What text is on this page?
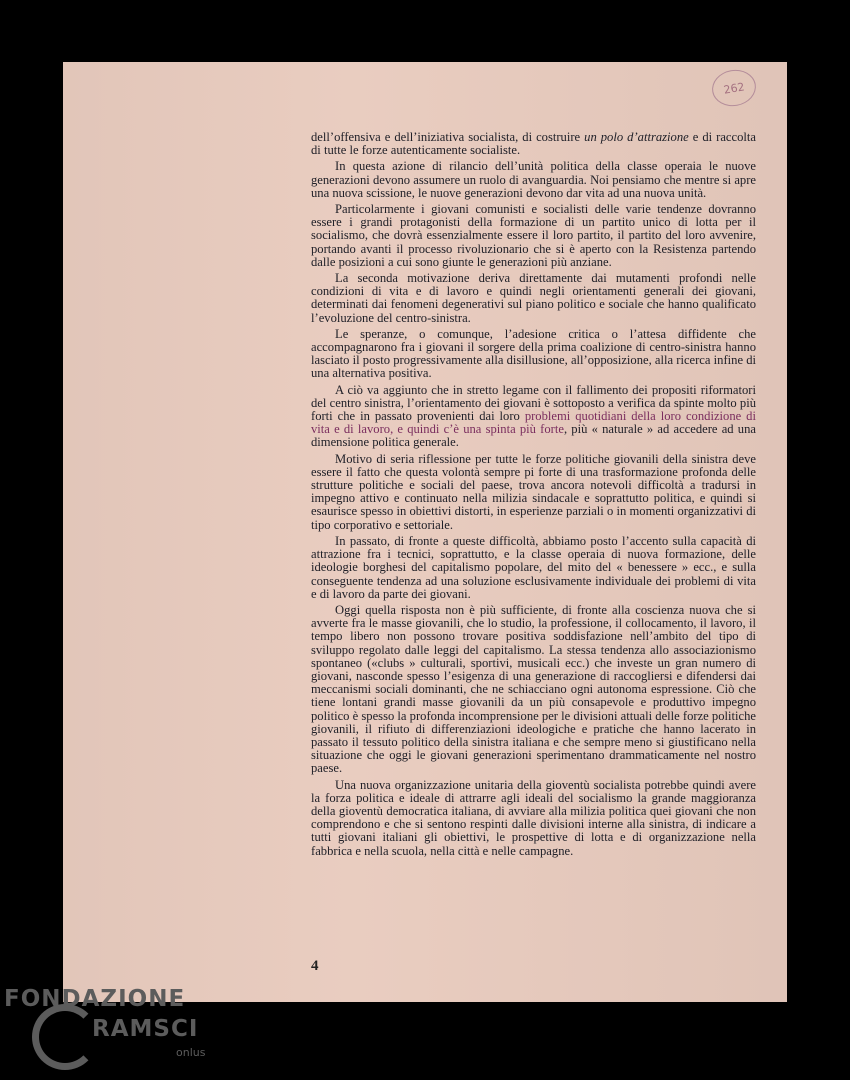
262

dell’offensiva e dell’iniziativa socialista, di costruire un polo d’attrazione e di raccolta di tutte le forze autenticamente socialiste.

In questa azione di rilancio dell’unità politica della classe operaia le nuove generazioni devono assumere un ruolo di avanguardia. Noi pensiamo che mentre si apre una nuova scissione, le nuove generazioni devono dar vita ad una nuova unità.

Particolarmente i giovani comunisti e socialisti delle varie tendenze dovranno essere i grandi protagonisti della formazione di un partito unico di lotta per il socialismo, che dovrà essenzialmente essere il loro partito, il partito del loro avvenire, portando avanti il processo rivoluzionario che si è aperto con la Resistenza partendo dalle posizioni a cui sono giunte le generazioni più anziane.

La seconda motivazione deriva direttamente dai mutamenti profondi nelle condizioni di vita e di lavoro e quindi negli orientamenti generali dei giovani, determinati dai fenomeni degenerativi sul piano politico e sociale che hanno qualificato l’evoluzione del centro-sinistra.

Le speranze, o comunque, l’adesione critica o l’attesa diffidente che accompagnarono fra i giovani il sorgere della prima coalizione di centro-sinistra hanno lasciato il posto progressivamente alla disillusione, all’opposizione, alla ricerca infine di una alternativa positiva.

A ciò va aggiunto che in stretto legame con il fallimento dei propositi riformatori del centro sinistra, l’orientamento dei giovani è sottoposto a verifica da spinte molto più forti che in passato provenienti dai loro problemi quotidiani della loro condizione di vita e di lavoro, e quindi c’è una spinta più forte, più « naturale » ad accedere ad una dimensione politica generale.

Motivo di seria riflessione per tutte le forze politiche giovanili della sinistra deve essere il fatto che questa volontà sempre pi forte di una trasformazione profonda delle strutture politiche e sociali del paese, trova ancora notevoli difficoltà a tradursi in impegno attivo e continuato nella milizia sindacale e soprattutto politica, e quindi si esaurisce spesso in obiettivi distorti, in esperienze parziali o in momenti organizzativi di tipo corporativo e settoriale.

In passato, di fronte a queste difficoltà, abbiamo posto l’accento sulla capacità di attrazione fra i tecnici, soprattutto, e la classe operaia di nuova formazione, delle ideologie borghesi del capitalismo popolare, del mito del « benessere » ecc., e sulla conseguente tendenza ad una soluzione esclusivamente individuale dei problemi di vita e di lavoro da parte dei giovani.

Oggi quella risposta non è più sufficiente, di fronte alla coscienza nuova che si avverte fra le masse giovanili, che lo studio, la professione, il collocamento, il lavoro, il tempo libero non possono trovare positiva soddisfazione nell’ambito del tipo di sviluppo regolato dalle leggi del capitalismo. La stessa tendenza allo associazionismo spontaneo («clubs » culturali, sportivi, musicali ecc.) che investe un gran numero di giovani, nasconde spesso l’esigenza di una generazione di raccogliersi e difendersi dai meccanismi sociali dominanti, che ne schiacciano ogni autonoma espressione. Ciò che tiene lontani grandi masse giovanili da un più consapevole e produttivo impegno politico è spesso la profonda incomprensione per le divisioni attuali delle forze politiche giovanili, il rifiuto di differenziazioni ideologiche e pratiche che hanno lacerato in passato il tessuto politico della sinistra italiana e che sempre meno si giustificano nella situazione che oggi le giovani generazioni sperimentano drammaticamente nel nostro paese.

Una nuova organizzazione unitaria della gioventù socialista potrebbe quindi avere la forza politica e ideale di attrarre agli ideali del socialismo la grande maggioranza della gioventù democratica italiana, di avviare alla milizia politica quei giovani che non comprendono e che si sentono respinti dalle divisioni interne alla sinistra, di indicare a tutti giovani italiani gli obiettivi, le prospettive di lotta e di organizzazione nella fabbrica e nella scuola, nella città e nelle campagne.

4
FONDAZIONE
RAMSCI
onlus
